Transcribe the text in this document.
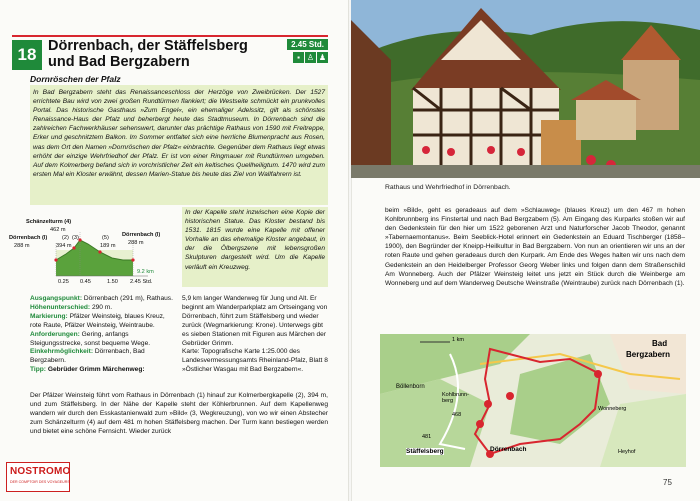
18 Dörrenbach, der Stäffelsberg und Bad Bergzabern
2.45 Std.
▪ ♙ ♟
Dornröschen der Pfalz
In Bad Bergzabern steht das Renaissanceschloss der Herzöge von Zweibrücken. Der 1527 errichtete Bau wird von zwei großen Rundtürmen flankiert; die Westseite schmückt ein prunkvolles Portal. Das historische Gasthaus »Zum Engel«, ein ehemaliger Adelssitz, gilt als schönstes Renaissance-Haus der Pfalz und beherbergt heute das Stadtmuseum. In Dörrenbach sind die zahlreichen Fachwerkhäuser sehenswert, darunter das prächtige Rathaus von 1590 mit Freitreppe, Erker und geschnitztem Balkon. Im Sommer entfaltet sich eine herrliche Blumenpracht aus Rosen, was dem Ort den Namen »Dornröschen der Pfalz« einbrachte. Gegenüber dem Rathaus liegt etwas erhöht der einzige Wehrfriedhof der Pfalz. Er ist von einer Ringmauer mit Rundtürmen umgeben. Auf dem Kolmerberg befand sich in vorchristlicher Zeit ein keltisches Quellheiligtum. 1470 wird zum ersten Mal ein Kloster erwähnt, dessen Marien-Statue bis heute das Ziel von Wallfahrern ist.
In der Kapelle steht inzwischen eine Kopie der historischen Statue. Das Kloster bestand bis 1531. 1815 wurde eine Kapelle mit offener Vorhalle an das ehemalige Kloster angebaut, in der die Ölbergszene mit lebensgroßen Skulpturen dargestellt wird. Um die Kapelle verläuft ein Kreuzweg.
Schänzelturm (4)
462 m
Dörrenbach (l)
288 m
Dörrenbach (l)
288 m
(2) (3)	(5)
394 m	189 m
9.2 km
0.25 0.45	1.50 2.45 Std.

Ausgangspunkt: Dörrenbach (291 m), Rathaus.

Höhenunterschied: 290 m.

Markierung: Pfälzer Weinsteig, blaues Kreuz, rote Raute, Pfälzer Weinsteig, Weintraube.

Anforderungen: Gering, anfangs Steigungsstrecke, sonst bequeme Wege.

Einkehrmöglichkeit: Dörrenbach, Bad Bergzabern.

Tipp: Gebrüder Grimm Märchenweg:

5,9 km langer Wanderweg für Jung und Alt. Er beginnt am Wanderparkplatz am Ortseingang von Dörrenbach, führt zum Stäffelsberg und wieder zurück (Wegmarkierung: Krone). Unterwegs gibt es sieben Stationen mit Figuren aus Märchen der Gebrüder Grimm.

Karte: Topografische Karte 1:25.000 des Landesvermessungsamts Rheinland-Pfalz, Blatt 8 »Östlicher Wasgau mit Bad Bergzabern«.

Der Pfälzer Weinsteig führt vom Rathaus in Dörrenbach (1) hinauf zur Kolmerbergkapelle (2), 394 m, und zum Stäffelsberg. In der Nähe der Kapelle steht der Köhlerbrunnen. Auf dem Kapellenweg wandern wir durch den Esskastanienwald zum »Bild« (3, Wegkreuzung), von wo wir einen Abstecher zum Schänzelturm (4) auf dem 481 m hohen Stäffelsberg machen. Der Turm kann bestiegen werden und bietet eine schöne Fernsicht. Wieder zurück
NOSTROMO
DER COMPTOIR DES VOYAGEURS
Rathaus und Wehrfriedhof in Dörrenbach.
beim »Bild«, geht es geradeaus auf dem »Schlauweg« (blaues Kreuz) um den 467 m hohen Kohlbrunnberg ins Finstertal und nach Bad Bergzabern (5). Am Eingang des Kurparks stoßen wir auf den Gedenkstein für den hier um 1522 geborenen Arzt und Naturforscher Jacob Theodor, genannt »Tabernaemontanus«. Beim Seeblick-Hotel erinnert ein Gedenkstein an Eduard Tischberger (1858–1900), den Begründer der Kneipp-Heilkultur in Bad Bergzabern. Von nun an orientieren wir uns an der roten Raute und gehen geradeaus durch den Kurpark. Am Ende des Weges halten wir uns nach dem Gedenkstein an den Heidelberger Professor Georg Weber links und folgen dann dem Straßenschild Am Wonneberg. Auch der Pfälzer Weinsteig leitet uns jetzt ein Stück durch die Weinberge am Wonneberg und auf dem Wanderweg Deutsche Weinstraße (Weintraube) zurück nach Dörrenbach (1).
1 km	Bad
Bergzabern
Böllenborn
Kohlbrunn-berg
468
481
Stäffelsberg	Dörrenbach
Wonneberg
Heyhof
75
